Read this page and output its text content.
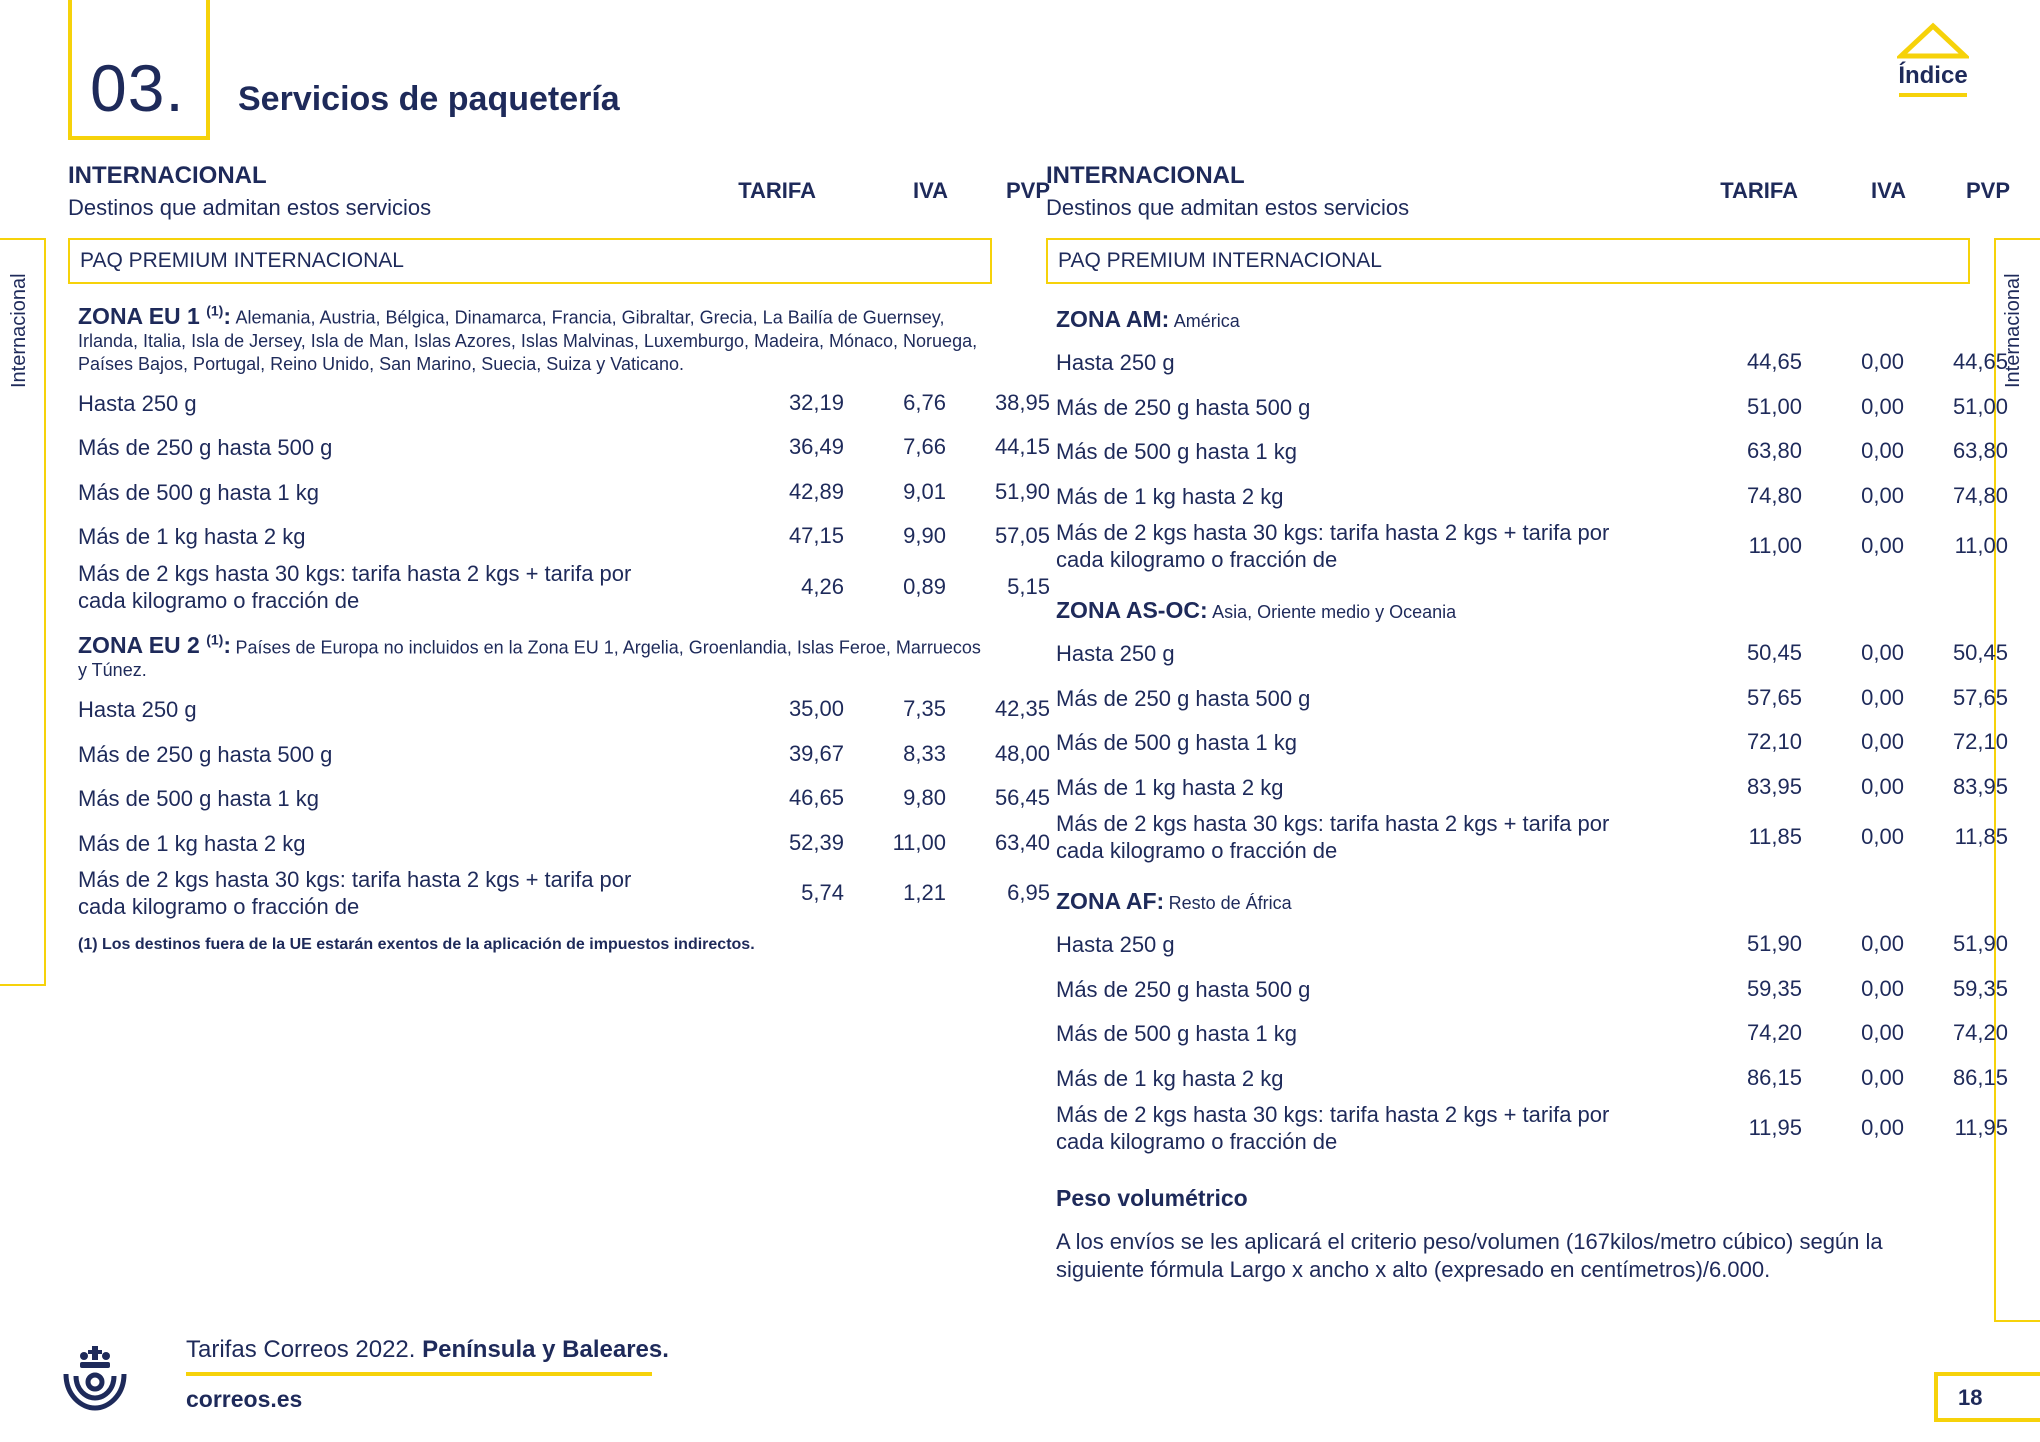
03. Servicios de paquetería
Índice
Internacional	Internacional
INTERNACIONAL
Destinos que admitan estos servicios
TARIFA	IVA	PVP
PAQ PREMIUM INTERNACIONAL
ZONA EU 1 $^{(1)}$: Alemania, Austria, Bélgica, Dinamarca, Francia, Gibraltar, Grecia, La Bailía de Guernsey, Irlanda, Italia, Isla de Jersey, Isla de Man, Islas Azores, Islas Malvinas, Luxemburgo, Madeira, Mónaco, Noruega, Países Bajos, Portugal, Reino Unido, San Marino, Suecia, Suiza y Vaticano.
Hasta 250 g	32,19	6,76	38,95
Más de 250 g hasta 500 g	36,49	7,66	44,15
Más de 500 g hasta 1 kg	42,89	9,01	51,90
Más de 1 kg hasta 2 kg	47,15	9,90	57,05
Más de 2 kgs hasta 30 kgs: tarifa hasta 2 kgs + tarifa por cada kilogramo o fracción de
4,26	0,89	5,15
ZONA EU 2 $^{(1)}$: Países de Europa no incluidos en la Zona EU 1, Argelia, Groenlandia, Islas Feroe, Marruecos y Túnez.
Hasta 250 g	35,00	7,35	42,35
Más de 250 g hasta 500 g	39,67	8,33	48,00
Más de 500 g hasta 1 kg	46,65	9,80	56,45
Más de 1 kg hasta 2 kg	52,39	11,00	63,40
Más de 2 kgs hasta 30 kgs: tarifa hasta 2 kgs + tarifa por cada kilogramo o fracción de
5,74	1,21	6,95
(1) Los destinos fuera de la UE estarán exentos de la aplicación de impuestos indirectos.
INTERNACIONAL
Destinos que admitan estos servicios
TARIFA	IVA	PVP
PAQ PREMIUM INTERNACIONAL
ZONA AM: América
Hasta 250 g	44,65	0,00	44,65
Más de 250 g hasta 500 g	51,00	0,00	51,00
Más de 500 g hasta 1 kg	63,80	0,00	63,80
Más de 1 kg hasta 2 kg	74,80	0,00	74,80
Más de 2 kgs hasta 30 kgs: tarifa hasta 2 kgs + tarifa por cada kilogramo o fracción de
11,00	0,00	11,00
ZONA AS-OC: Asia, Oriente medio y Oceania
Hasta 250 g	50,45	0,00	50,45
Más de 250 g hasta 500 g	57,65	0,00	57,65
Más de 500 g hasta 1 kg	72,10	0,00	72,10
Más de 1 kg hasta 2 kg	83,95	0,00	83,95
Más de 2 kgs hasta 30 kgs: tarifa hasta 2 kgs + tarifa por cada kilogramo o fracción de
11,85	0,00	11,85
ZONA AF: Resto de África
Hasta 250 g	51,90	0,00	51,90
Más de 250 g hasta 500 g	59,35	0,00	59,35
Más de 500 g hasta 1 kg	74,20	0,00	74,20
Más de 1 kg hasta 2 kg	86,15	0,00	86,15
Más de 2 kgs hasta 30 kgs: tarifa hasta 2 kgs + tarifa por cada kilogramo o fracción de
11,95	0,00	11,95
Peso volumétrico
A los envíos se les aplicará el criterio peso/volumen (167kilos/metro cúbico) según la siguiente fórmula Largo x ancho x alto (expresado en centímetros)/6.000.
Tarifas Correos 2022. Península y Baleares.
correos.es	18
